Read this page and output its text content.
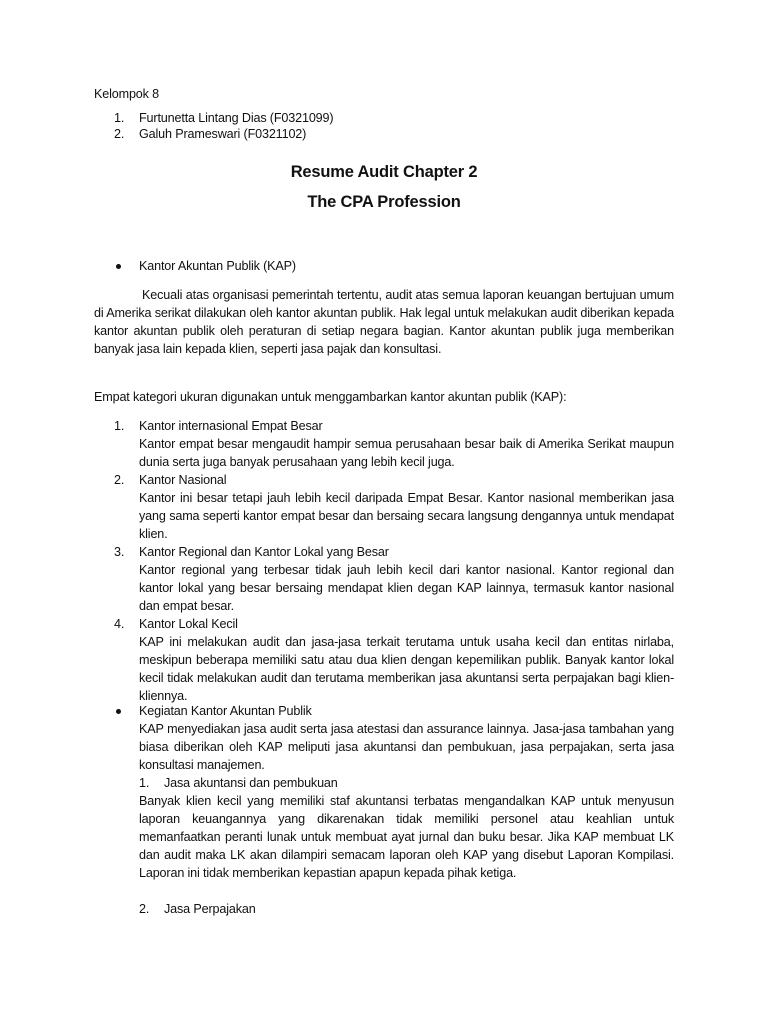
Kelompok 8
1. Furtunetta Lintang Dias (F0321099)
2. Galuh Prameswari (F0321102)
Resume Audit Chapter 2
The CPA Profession
Kantor Akuntan Publik (KAP)

Kecuali atas organisasi pemerintah tertentu, audit atas semua laporan keuangan bertujuan umum di Amerika serikat dilakukan oleh kantor akuntan publik. Hak legal untuk melakukan audit diberikan kepada kantor akuntan publik oleh peraturan di setiap negara bagian. Kantor akuntan publik juga memberikan banyak jasa lain kepada klien, seperti jasa pajak dan konsultasi.

Empat kategori ukuran digunakan untuk menggambarkan kantor akuntan publik (KAP):

1. Kantor internasional Empat Besar
Kantor empat besar mengaudit hampir semua perusahaan besar baik di Amerika Serikat maupun dunia serta juga banyak perusahaan yang lebih kecil juga.
2. Kantor Nasional
Kantor ini besar tetapi jauh lebih kecil daripada Empat Besar. Kantor nasional memberikan jasa yang sama seperti kantor empat besar dan bersaing secara langsung dengannya untuk mendapat klien.
3. Kantor Regional dan Kantor Lokal yang Besar
Kantor regional yang terbesar tidak jauh lebih kecil dari kantor nasional. Kantor regional dan kantor lokal yang besar bersaing mendapat klien degan KAP lainnya, termasuk kantor nasional dan empat besar.
4. Kantor Lokal Kecil
KAP ini melakukan audit dan jasa-jasa terkait terutama untuk usaha kecil dan entitas nirlaba, meskipun beberapa memiliki satu atau dua klien dengan kepemilikan publik. Banyak kantor lokal kecil tidak melakukan audit dan terutama memberikan jasa akuntansi serta perpajakan bagi klien-kliennya.
Kegiatan Kantor Akuntan Publik

KAP menyediakan jasa audit serta jasa atestasi dan assurance lainnya. Jasa-jasa tambahan yang biasa diberikan oleh KAP meliputi jasa akuntansi dan pembukuan, jasa perpajakan, serta jasa konsultasi manajemen.

1. Jasa akuntansi dan pembukuan

Banyak klien kecil yang memiliki staf akuntansi terbatas mengandalkan KAP untuk menyusun laporan keuangannya yang dikarenakan tidak memiliki personel atau keahlian untuk memanfaatkan peranti lunak untuk membuat ayat jurnal dan buku besar. Jika KAP membuat LK dan audit maka LK akan dilampiri semacam laporan oleh KAP yang disebut Laporan Kompilasi. Laporan ini tidak memberikan kepastian apapun kepada pihak ketiga.

2. Jasa Perpajakan
